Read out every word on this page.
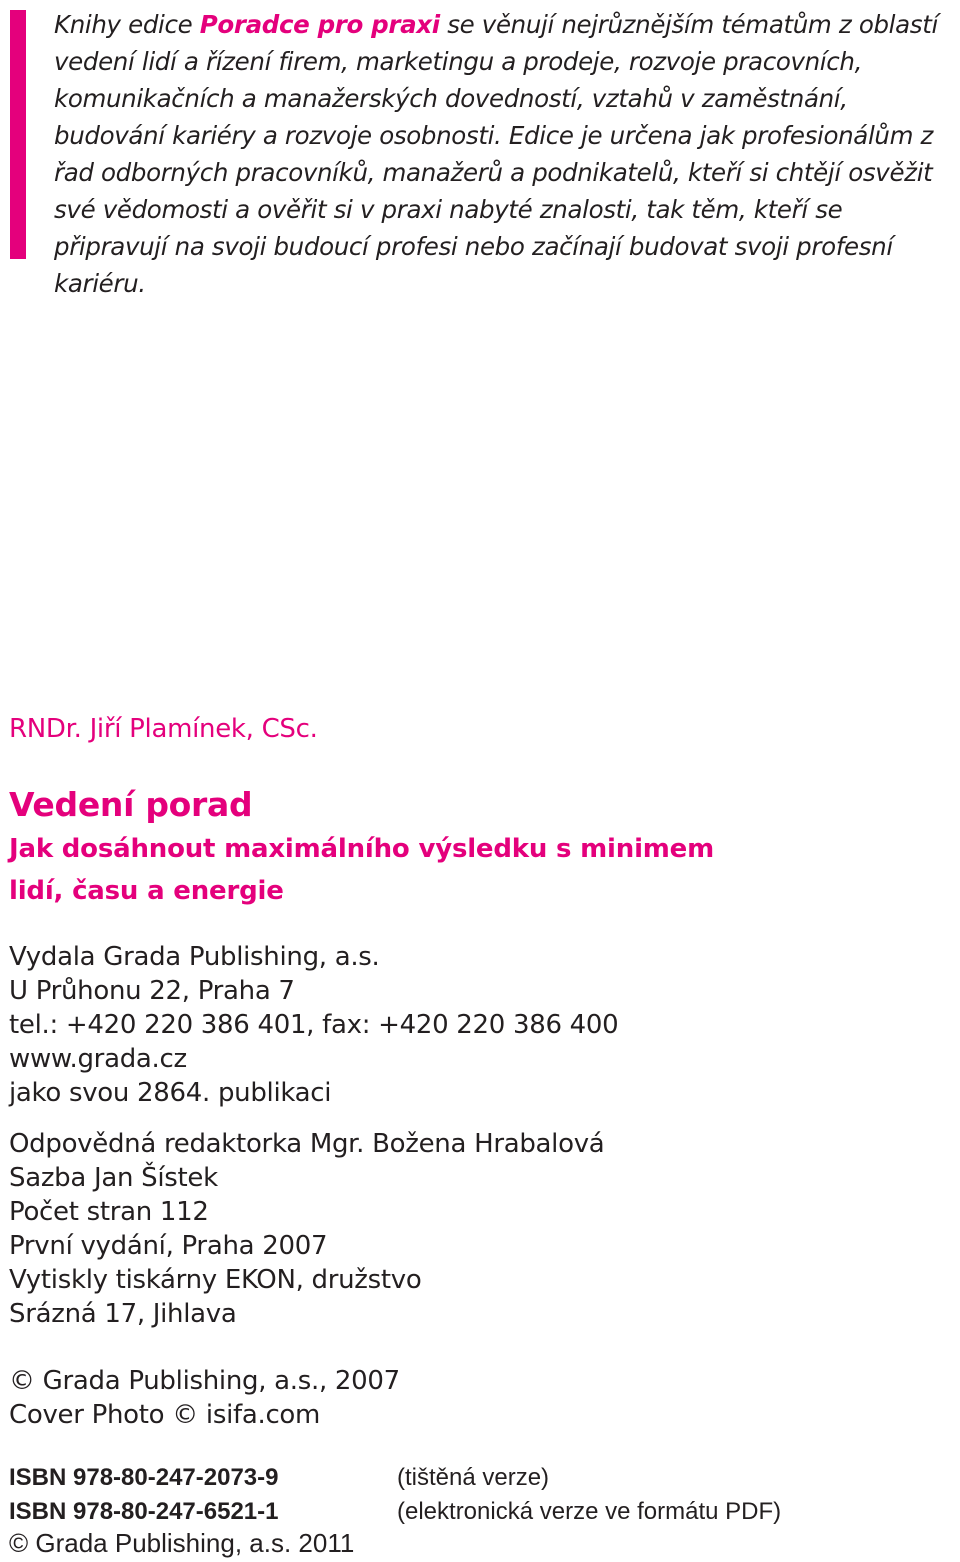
Knihy edice Poradce pro praxi se věnují nejrůznějším tématům z oblastí vedení lidí a řízení firem, marketingu a prodeje, rozvoje pracovních, komunikačních a manažerských dovedností, vztahů v zaměstnání, budování kariéry a rozvoje osobnosti. Edice je určena jak profesionálům z řad odborných pracovníků, manažerů a podnikatelů, kteří si chtějí osvěžit své vědomosti a ověřit si v praxi nabyté znalosti, tak těm, kteří se připravují na svoji budoucí profesi nebo začínají budovat svoji profesní kariéru.

RNDr. Jiří Plamínek, CSc.

Vedení porad

Jak dosáhnout maximálního výsledku s minimem lidí, času a energie

Vydala Grada Publishing, a.s.
U Průhonu 22, Praha 7
tel.: +420 220 386 401, fax: +420 220 386 400
www.grada.cz
jako svou 2864. publikaci
Odpovědná redaktorka Mgr. Božena Hrabalová
Sazba Jan Šístek
Počet stran 112
První vydání, Praha 2007
Vytiskly tiskárny EKON, družstvo
Srázná 17, Jihlava
© Grada Publishing, a.s., 2007
Cover Photo © isifa.com
ISBN 978-80-247-2073-9	(tištěná verze)
ISBN 978-80-247-6521-1	(elektronická verze ve formátu PDF)
© Grada Publishing, a.s. 2011
